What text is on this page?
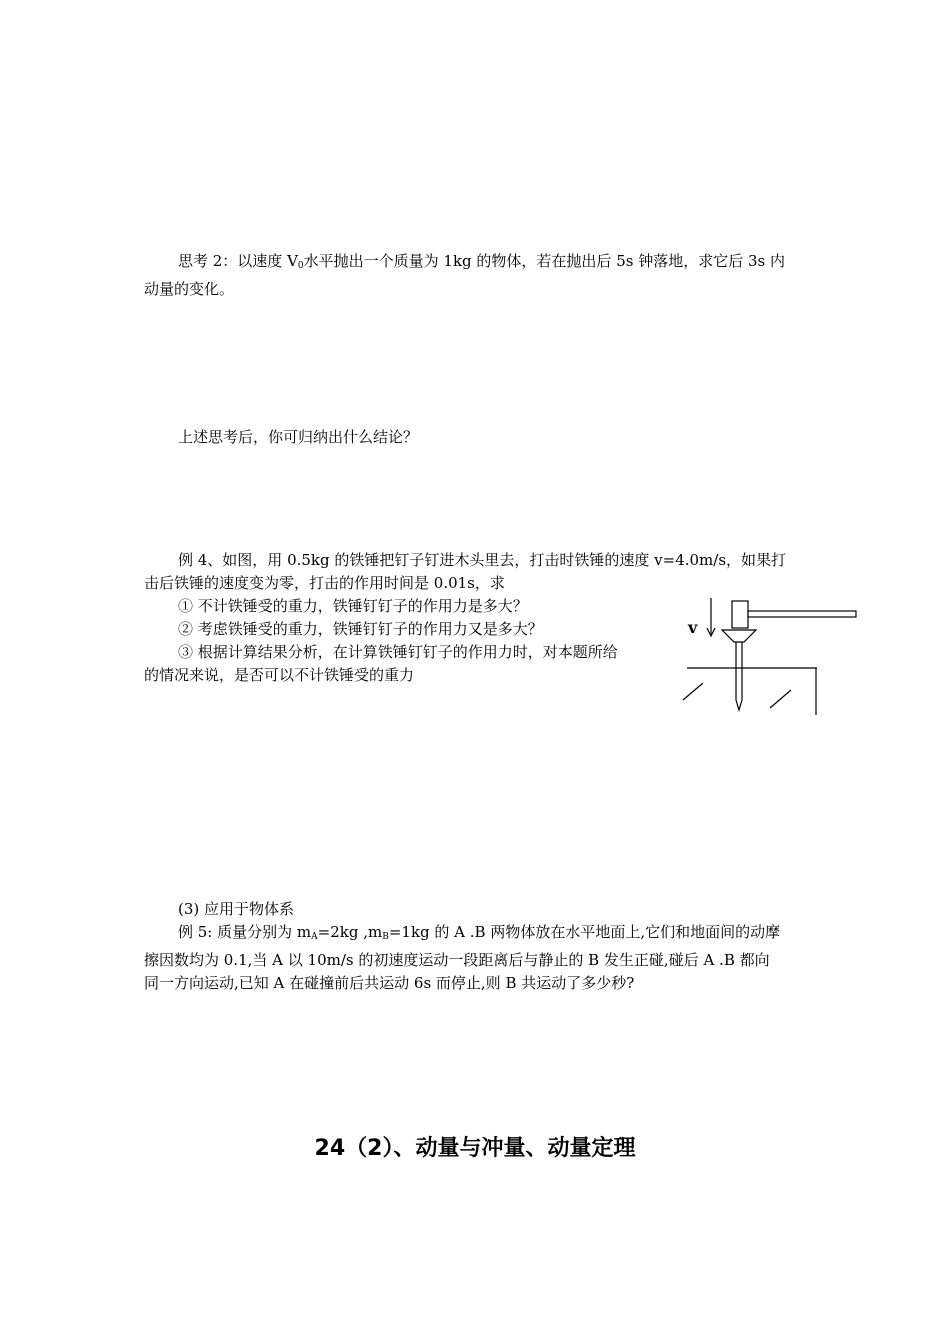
思考 2：以速度 $V_0$水平抛出一个质量为 1kg 的物体，若在抛出后 5s 钟落地，求它后 3s 内
动量的变化。
上述思考后，你可归纳出什么结论？
例 4、如图，用 0.5kg 的铁锤把钉子钉进木头里去，打击时铁锤的速度 v=4.0m/s，如果打
击后铁锤的速度变为零，打击的作用时间是 0.01s，求
① 不计铁锤受的重力，铁锤钉钉子的作用力是多大？
② 考虑铁锤受的重力，铁锤钉钉子的作用力又是多大？
③ 根据计算结果分析，在计算铁锤钉钉子的作用力时，对本题所给
的情况来说，是否可以不计铁锤受的重力
v
(3) 应用于物体系
例 5: 质量分别为 $m_A=2kg$ $,m_B=1kg$ 的 A .B 两物体放在水平地面上,它们和地面间的动摩
擦因数均为 0.1,当 A 以 10m/s 的初速度运动一段距离后与静止的 B 发生正碰,碰后 A .B 都向
同一方向运动,已知 A 在碰撞前后共运动 6s 而停止,则 B 共运动了多少秒?
24（2）、动量与冲量、动量定理
